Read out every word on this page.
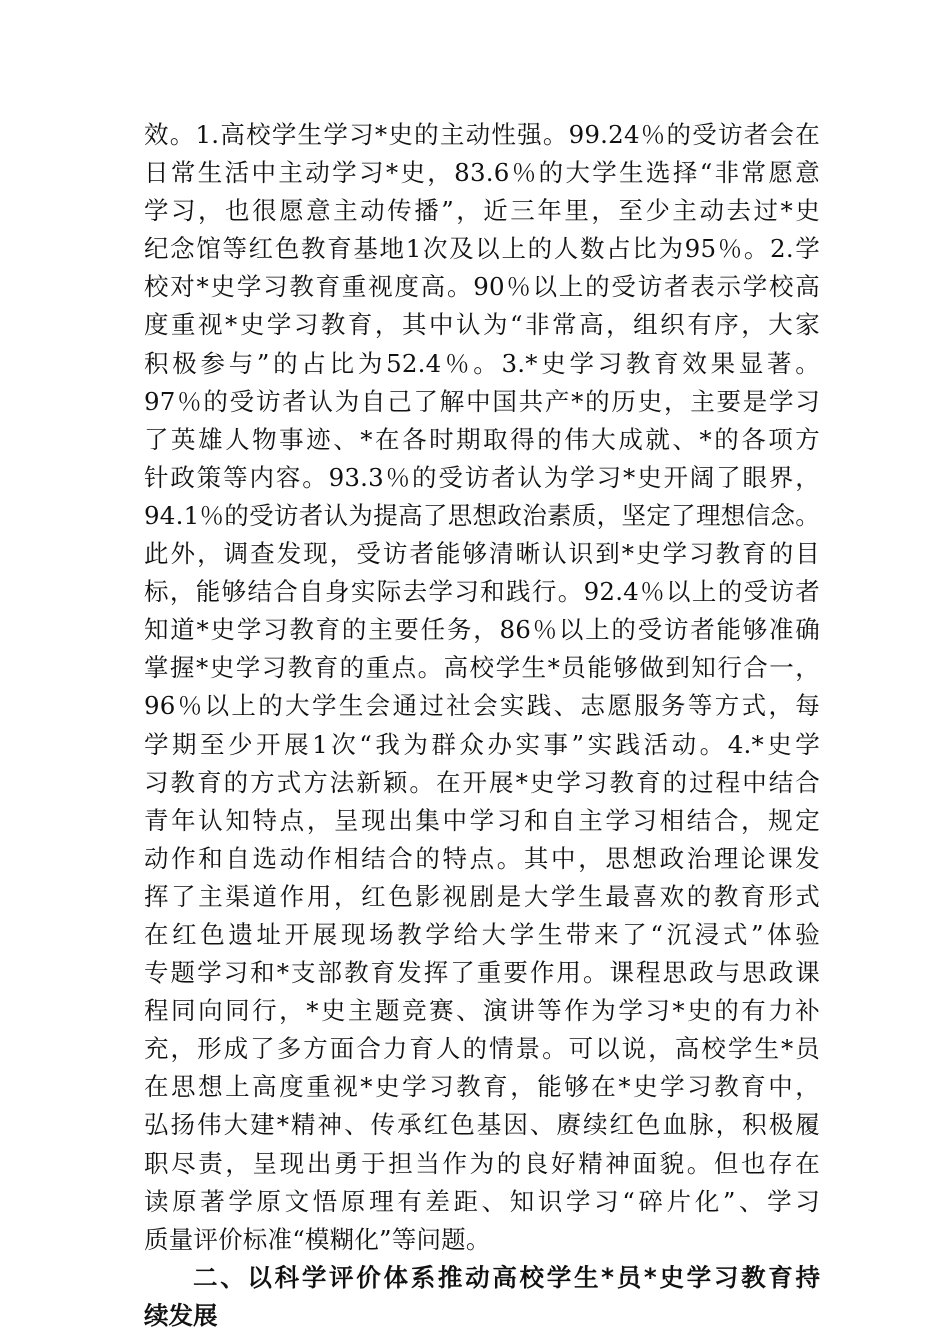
效。1.高校学生学习*史的主动性强。99.24％的受访者会在
日常生活中主动学习*史，83.6％的大学生选择“非常愿意
学习，也很愿意主动传播”，近三年里，至少主动去过*史
纪念馆等红色教育基地1次及以上的人数占比为95％。2.学
校对*史学习教育重视度高。90％以上的受访者表示学校高
度重视*史学习教育，其中认为“非常高，组织有序，大家
积极参与”的占比为52.4％。3.*史学习教育效果显著。
97％的受访者认为自己了解中国共产*的历史，主要是学习
了英雄人物事迹、*在各时期取得的伟大成就、*的各项方
针政策等内容。93.3％的受访者认为学习*史开阔了眼界，
94.1％的受访者认为提高了思想政治素质，坚定了理想信念。
此外，调查发现，受访者能够清晰认识到*史学习教育的目
标，能够结合自身实际去学习和践行。92.4％以上的受访者
知道*史学习教育的主要任务，86％以上的受访者能够准确
掌握*史学习教育的重点。高校学生*员能够做到知行合一，
96％以上的大学生会通过社会实践、志愿服务等方式，每
学期至少开展1次“我为群众办实事”实践活动。4.*史学
习教育的方式方法新颖。在开展*史学习教育的过程中结合
青年认知特点，呈现出集中学习和自主学习相结合，规定
动作和自选动作相结合的特点。其中，思想政治理论课发
挥了主渠道作用，红色影视剧是大学生最喜欢的教育形式
在红色遗址开展现场教学给大学生带来了“沉浸式”体验
专题学习和*支部教育发挥了重要作用。课程思政与思政课
程同向同行，*史主题竞赛、演讲等作为学习*史的有力补
充，形成了多方面合力育人的情景。可以说，高校学生*员
在思想上高度重视*史学习教育，能够在*史学习教育中，
弘扬伟大建*精神、传承红色基因、赓续红色血脉，积极履
职尽责，呈现出勇于担当作为的良好精神面貌。但也存在
读原著学原文悟原理有差距、知识学习“碎片化”、学习
质量评价标准“模糊化”等问题。
二、以科学评价体系推动高校学生*员*史学习教育持
续发展
